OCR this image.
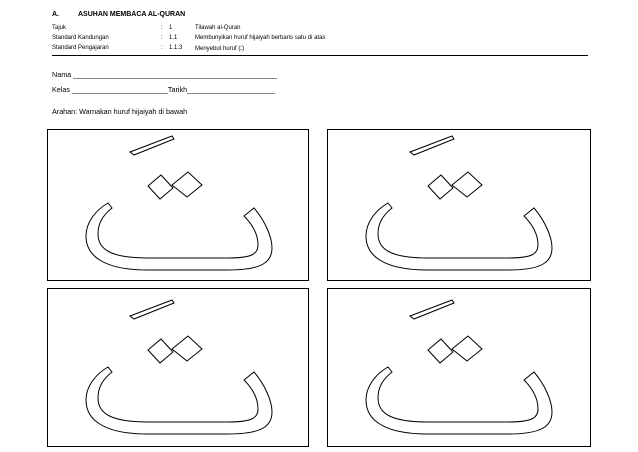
A.	ASUHAN MEMBACA AL-QURAN
Tajuk	: 1	Tilawah al-Quran
Standard Kandungan	: 1.1	Membunyikan huruf hijaiyah berbaris satu di atas
Standard Pengajaran	: 1.1.3 Menyebut huruf (ـَ)
Nama ___________________________________________________
Kelas ________________________Tarikh______________________
Arahan: Warnakan huruf hijaiyah di bawah
